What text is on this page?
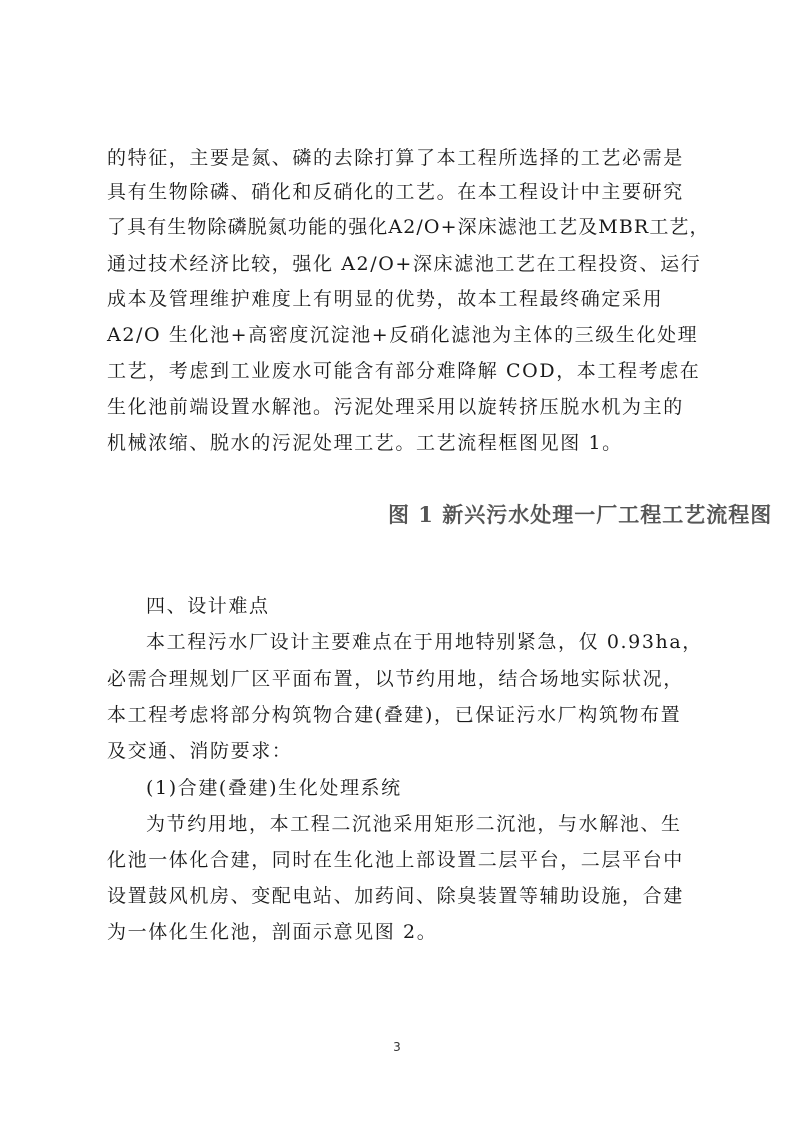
的特征，主要是氮、磷的去除打算了本工程所选择的工艺必需是
具有生物除磷、硝化和反硝化的工艺。在本工程设计中主要研究
了具有生物除磷脱氮功能的强化A2/O+深床滤池工艺及MBR工艺，
通过技术经济比较，强化 A2/O+深床滤池工艺在工程投资、运行
成本及管理维护难度上有明显的优势，故本工程最终确定采用
A2/O 生化池+高密度沉淀池+反硝化滤池为主体的三级生化处理
工艺，考虑到工业废水可能含有部分难降解 COD，本工程考虑在
生化池前端设置水解池。污泥处理采用以旋转挤压脱水机为主的
机械浓缩、脱水的污泥处理工艺。工艺流程框图见图 1。
图 1 新兴污水处理一厂工程工艺流程图
四、设计难点
本工程污水厂设计主要难点在于用地特别紧急，仅 0.93ha，
必需合理规划厂区平面布置，以节约用地，结合场地实际状况，
本工程考虑将部分构筑物合建(叠建)，已保证污水厂构筑物布置
及交通、消防要求：
(1)合建(叠建)生化处理系统
为节约用地，本工程二沉池采用矩形二沉池，与水解池、生
化池一体化合建，同时在生化池上部设置二层平台，二层平台中
设置鼓风机房、变配电站、加药间、除臭装置等辅助设施，合建
为一体化生化池，剖面示意见图 2。
3
